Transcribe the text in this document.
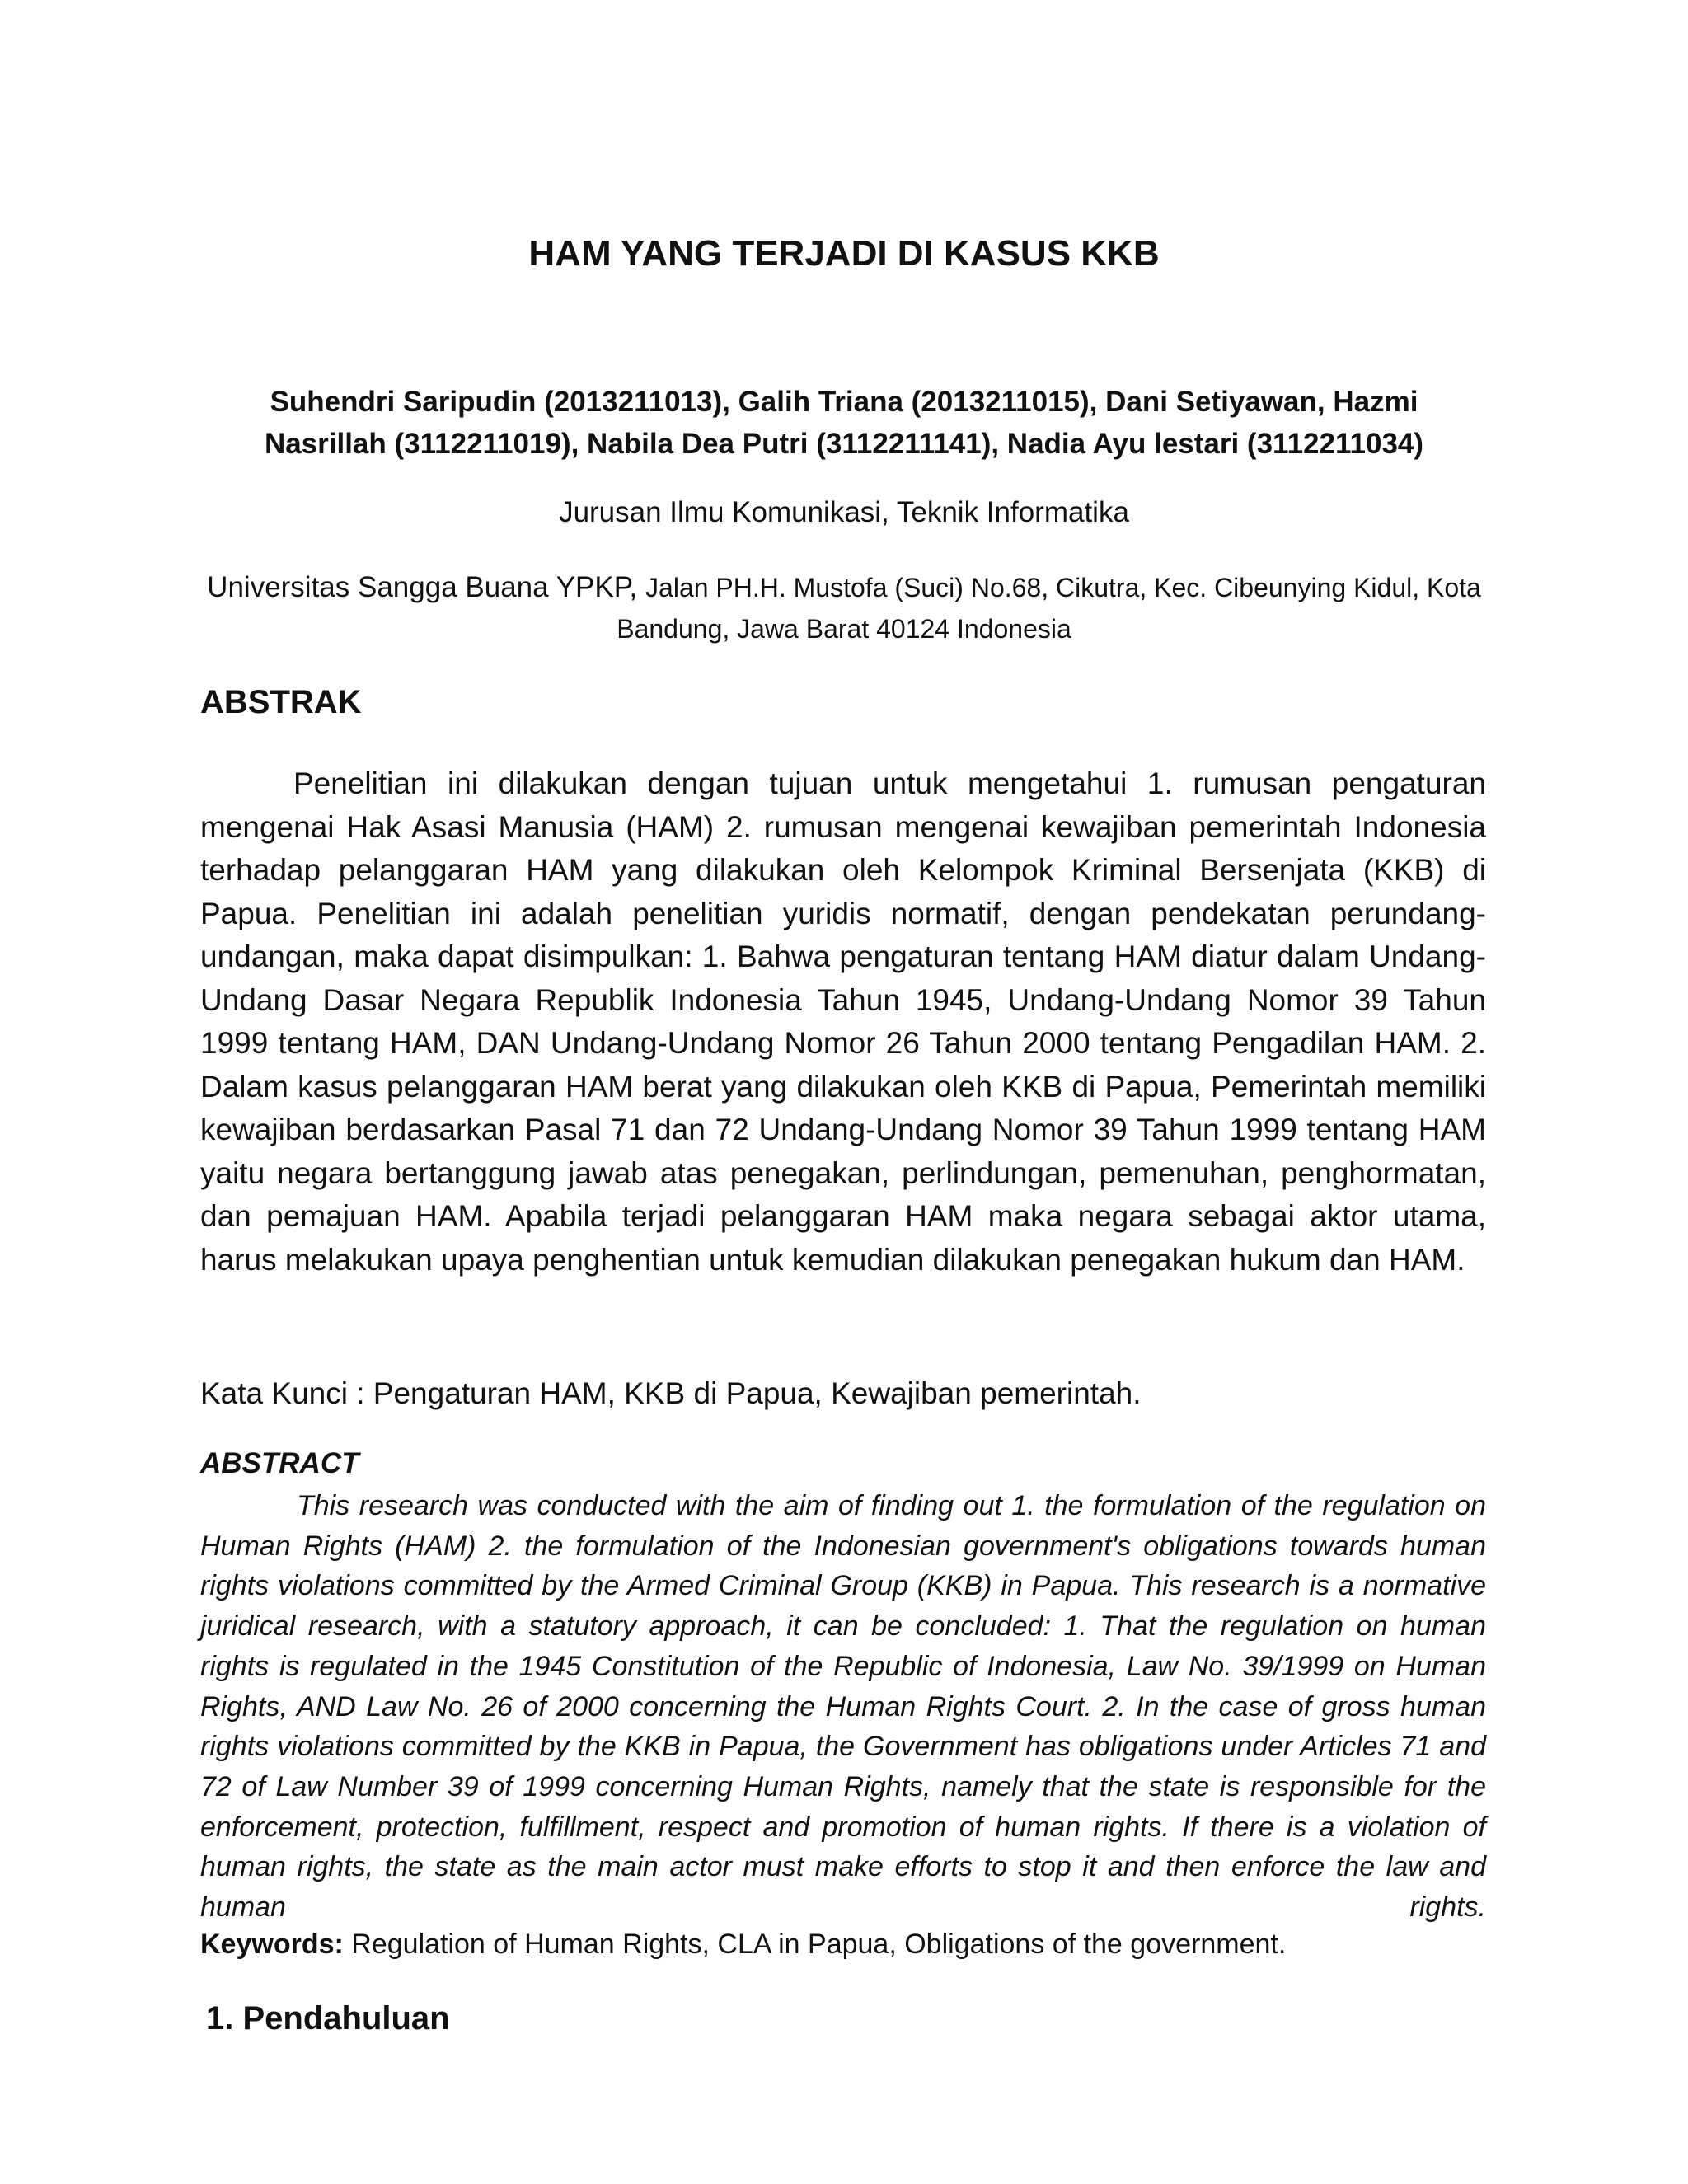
HAM YANG TERJADI DI KASUS KKB

Suhendri Saripudin (2013211013), Galih Triana (2013211015), Dani Setiyawan, Hazmi Nasrillah (3112211019), Nabila Dea Putri (3112211141), Nadia Ayu lestari (3112211034)

Jurusan Ilmu Komunikasi, Teknik Informatika

Universitas Sangga Buana YPKP, Jalan PH.H. Mustofa (Suci) No.68, Cikutra, Kec. Cibeunying Kidul, Kota Bandung, Jawa Barat 40124 Indonesia

ABSTRAK

Penelitian ini dilakukan dengan tujuan untuk mengetahui 1. rumusan pengaturan mengenai Hak Asasi Manusia (HAM) 2. rumusan mengenai kewajiban pemerintah Indonesia terhadap pelanggaran HAM yang dilakukan oleh Kelompok Kriminal Bersenjata (KKB) di Papua. Penelitian ini adalah penelitian yuridis normatif, dengan pendekatan perundang-undangan, maka dapat disimpulkan: 1. Bahwa pengaturan tentang HAM diatur dalam Undang-Undang Dasar Negara Republik Indonesia Tahun 1945, Undang-Undang Nomor 39 Tahun 1999 tentang HAM, DAN Undang-Undang Nomor 26 Tahun 2000 tentang Pengadilan HAM. 2. Dalam kasus pelanggaran HAM berat yang dilakukan oleh KKB di Papua, Pemerintah memiliki kewajiban berdasarkan Pasal 71 dan 72 Undang-Undang Nomor 39 Tahun 1999 tentang HAM yaitu negara bertanggung jawab atas penegakan, perlindungan, pemenuhan, penghormatan, dan pemajuan HAM. Apabila terjadi pelanggaran HAM maka negara sebagai aktor utama, harus melakukan upaya penghentian untuk kemudian dilakukan penegakan hukum dan HAM.

Kata Kunci : Pengaturan HAM, KKB di Papua, Kewajiban pemerintah.

ABSTRACT

This research was conducted with the aim of finding out 1. the formulation of the regulation on Human Rights (HAM) 2. the formulation of the Indonesian government's obligations towards human rights violations committed by the Armed Criminal Group (KKB) in Papua. This research is a normative juridical research, with a statutory approach, it can be concluded: 1. That the regulation on human rights is regulated in the 1945 Constitution of the Republic of Indonesia, Law No. 39/1999 on Human Rights, AND Law No. 26 of 2000 concerning the Human Rights Court. 2. In the case of gross human rights violations committed by the KKB in Papua, the Government has obligations under Articles 71 and 72 of Law Number 39 of 1999 concerning Human Rights, namely that the state is responsible for the enforcement, protection, fulfillment, respect and promotion of human rights. If there is a violation of human rights, the state as the main actor must make efforts to stop it and then enforce the law and human rights.

Keywords: Regulation of Human Rights, CLA in Papua, Obligations of the government.

1. Pendahuluan
